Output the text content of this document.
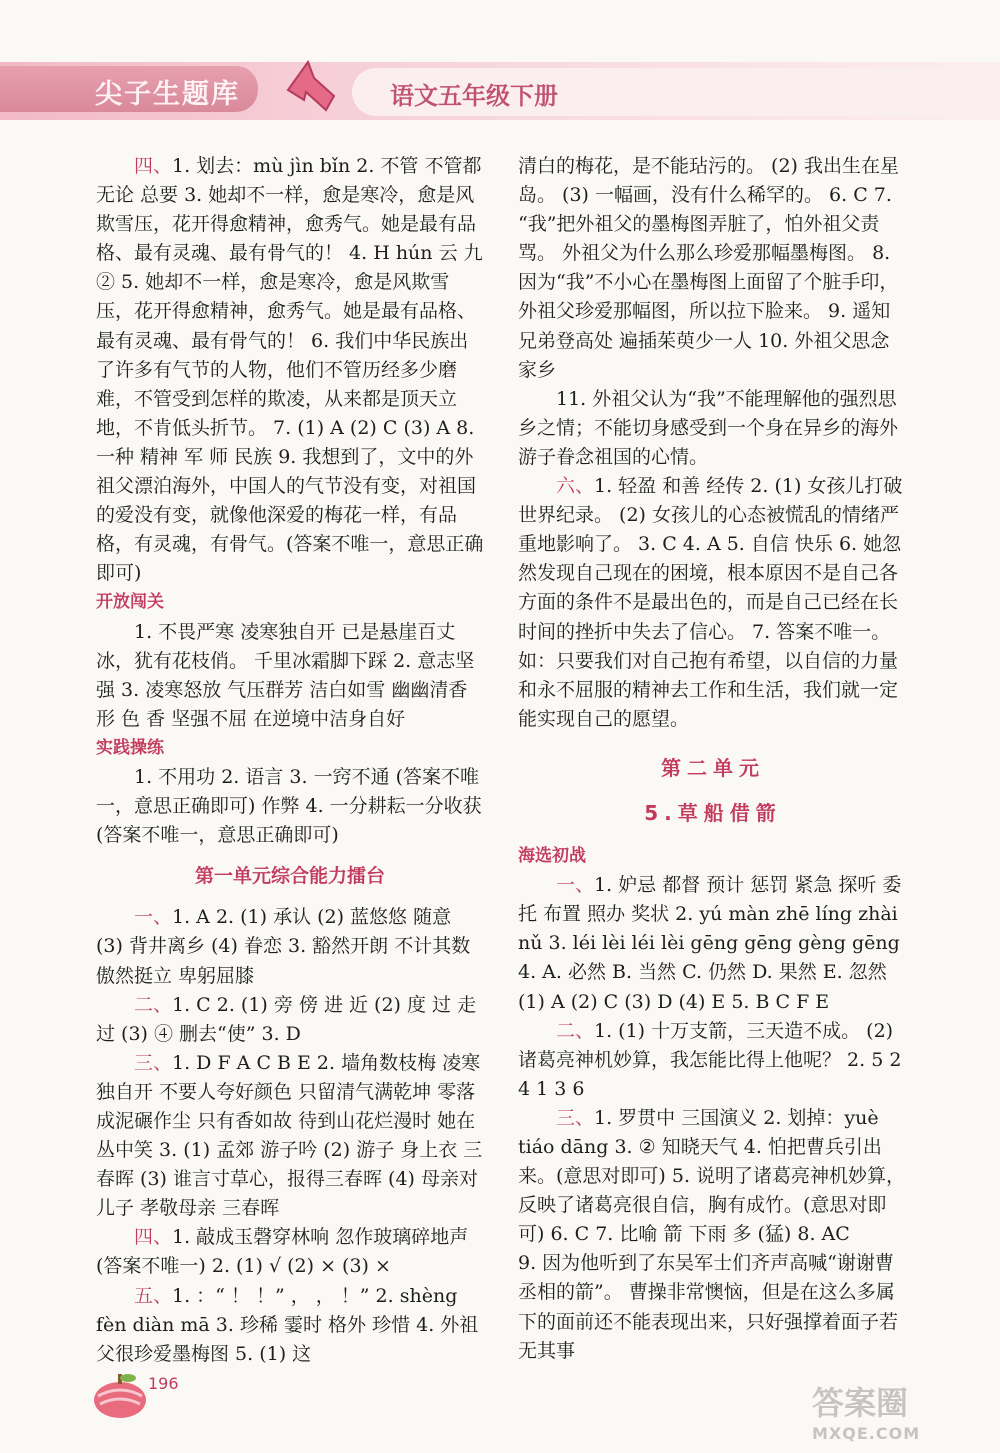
尖子生题库	语文五年级下册

四、1. 划去：mù jìn bǐn 2. 不管 不管都 无论 总要 3. 她却不一样，愈是寒冷，愈是风欺雪压，花开得愈精神，愈秀气。她是最有品格、最有灵魂、最有骨气的！ 4. H hún 云 九 ② 5. 她却不一样，愈是寒冷，愈是风欺雪压，花开得愈精神，愈秀气。她是最有品格、最有灵魂、最有骨气的！ 6. 我们中华民族出了许多有气节的人物，他们不管历经多少磨难，不管受到怎样的欺凌，从来都是顶天立地，不肯低头折节。 7. (1) A (2) C (3) A 8. 一种 精神 军 师 民族 9. 我想到了，文中的外祖父漂泊海外，中国人的气节没有变，对祖国的爱没有变，就像他深爱的梅花一样，有品格，有灵魂，有骨气。(答案不唯一，意思正确即可)

开放闯关

1. 不畏严寒 凌寒独自开 已是悬崖百丈冰，犹有花枝俏。 千里冰霜脚下踩 2. 意志坚强 3. 凌寒怒放 气压群芳 洁白如雪 幽幽清香 形 色 香 坚强不屈 在逆境中洁身自好

实践操练

1. 不用功 2. 语言 3. 一窍不通 (答案不唯一，意思正确即可) 作弊 4. 一分耕耘一分收获 (答案不唯一，意思正确即可)

第一单元综合能力擂台

一、1. A 2. (1) 承认 (2) 蓝悠悠 随意 (3) 背井离乡 (4) 眷恋 3. 豁然开朗 不计其数 傲然挺立 卑躬屈膝

二、1. C 2. (1) 旁 傍 进 近 (2) 度 过 走过 (3) ④ 删去“使” 3. D

三、1. D F A C B E 2. 墙角数枝梅 凌寒独自开 不要人夸好颜色 只留清气满乾坤 零落成泥碾作尘 只有香如故 待到山花烂漫时 她在丛中笑 3. (1) 孟郊 游子吟 (2) 游子 身上衣 三春晖 (3) 谁言寸草心，报得三春晖 (4) 母亲对儿子 孝敬母亲 三春晖

四、1. 敲成玉磬穿林响 忽作玻璃碎地声 (答案不唯一) 2. (1) √ (2) × (3) ×

五、1. ：“ ！ ！” ， ， ！” 2. shèng fèn diàn mā 3. 珍稀 霎时 格外 珍惜 4. 外祖父很珍爱墨梅图 5. (1) 这

清白的梅花，是不能玷污的。 (2) 我出生在星岛。 (3) 一幅画，没有什么稀罕的。 6. C 7. “我”把外祖父的墨梅图弄脏了，怕外祖父责骂。 外祖父为什么那么珍爱那幅墨梅图。 8. 因为“我”不小心在墨梅图上面留了个脏手印，外祖父珍爱那幅图，所以拉下脸来。 9. 遥知兄弟登高处 遍插茱萸少一人 10. 外祖父思念家乡

11. 外祖父认为“我”不能理解他的强烈思乡之情；不能切身感受到一个身在异乡的海外游子眷念祖国的心情。

六、1. 轻盈 和善 经传 2. (1) 女孩儿打破世界纪录。 (2) 女孩儿的心态被慌乱的情绪严重地影响了。 3. C 4. A 5. 自信 快乐 6. 她忽然发现自己现在的困境，根本原因不是自己各方面的条件不是最出色的，而是自己已经在长时间的挫折中失去了信心。 7. 答案不唯一。如：只要我们对自己抱有希望，以自信的力量和永不屈服的精神去工作和生活，我们就一定能实现自己的愿望。

第二单元
5.草船借箭

海选初战

一、1. 妒忌 都督 预计 惩罚 紧急 探听 委托 布置 照办 奖状 2. yú màn zhē líng zhài nǔ 3. léi lèi léi lèi gēng gēng gèng gēng 4. A. 必然 B. 当然 C. 仍然 D. 果然 E. 忽然 (1) A (2) C (3) D (4) E 5. B C F E

二、1. (1) 十万支箭，三天造不成。 (2) 诸葛亮神机妙算，我怎能比得上他呢？ 2. 5 2 4 1 3 6

三、1. 罗贯中 三国演义 2. 划掉：yuè tiáo dāng 3. ② 知晓天气 4. 怕把曹兵引出来。(意思对即可) 5. 说明了诸葛亮神机妙算，反映了诸葛亮很自信，胸有成竹。(意思对即可) 6. C 7. 比喻 箭 下雨 多 (猛) 8. AC

9. 因为他听到了东吴军士们齐声高喊“谢谢曹丞相的箭”。 曹操非常懊恼，但是在这么多属下的面前还不能表现出来，只好强撑着面子若无其事

196
答案圈
MXQE.COM
